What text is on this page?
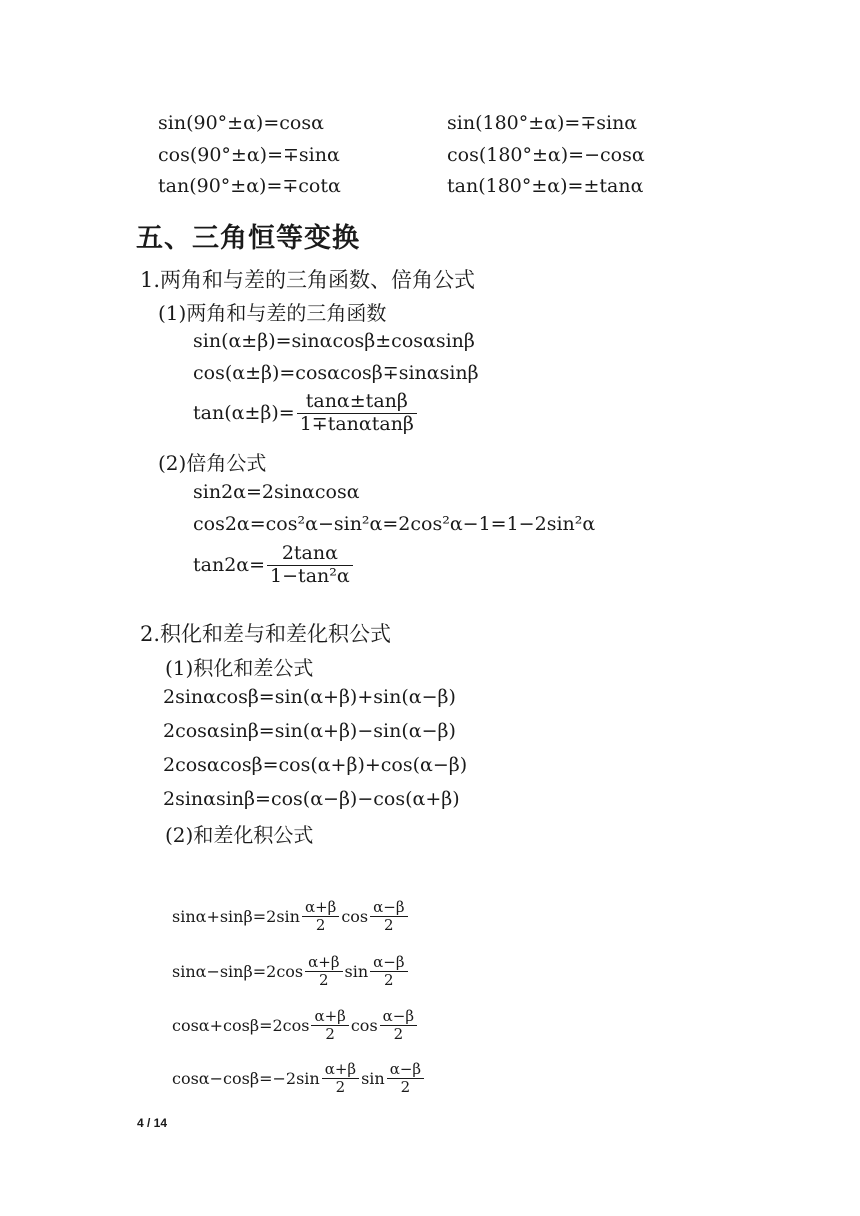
sin(90°±α)=cosα	sin(180°±α)=∓sinα
cos(90°±α)=∓sinα	cos(180°±α)=−cosα
tan(90°±α)=∓cotα	tan(180°±α)=±tanα
五、三角恒等变换
1.两角和与差的三角函数、倍角公式
(1)两角和与差的三角函数
sin(α±β)=sinαcosβ±cosαsinβ
cos(α±β)=cosαcosβ∓sinαsinβ
$\tan(\alpha\pm\beta)= \frac{\tan\alpha\pm\tan\beta}{1\mp\tan\alpha\tan\beta}$
(2)倍角公式
sin2α=2sinαcosα
cos2α=cos²α−sin²α=2cos²α−1=1−2sin²α
$\tan 2\alpha= \frac{2\tan\alpha}{\text{1−tan²α}}$
2.积化和差与和差化积公式
(1)积化和差公式
2sinαcosβ=sin(α+β)+sin(α−β)
2cosαsinβ=sin(α+β)−sin(α−β)
2cosαcosβ=cos(α+β)+cos(α−β)
2sinαsinβ=cos(α−β)−cos(α+β)
(2)和差化积公式
$\sin\alpha+\sin\beta=2\sin \frac{\alpha+\beta}{2}$ $\cos \frac{\alpha-\beta}{2}$
$\sin\alpha-\sin\beta=2\cos \frac{\alpha+\beta}{2}$ $\sin \frac{\alpha-\beta}{2}$
$\cos\alpha+\cos\beta=2\cos \frac{\alpha+\beta}{2}$ $\cos \frac{\alpha-\beta}{2}$
$\cos\alpha-\cos\beta=-2\sin \frac{\alpha+\beta}{2}$ $\sin \frac{\alpha-\beta}{2}$
4 / 14
